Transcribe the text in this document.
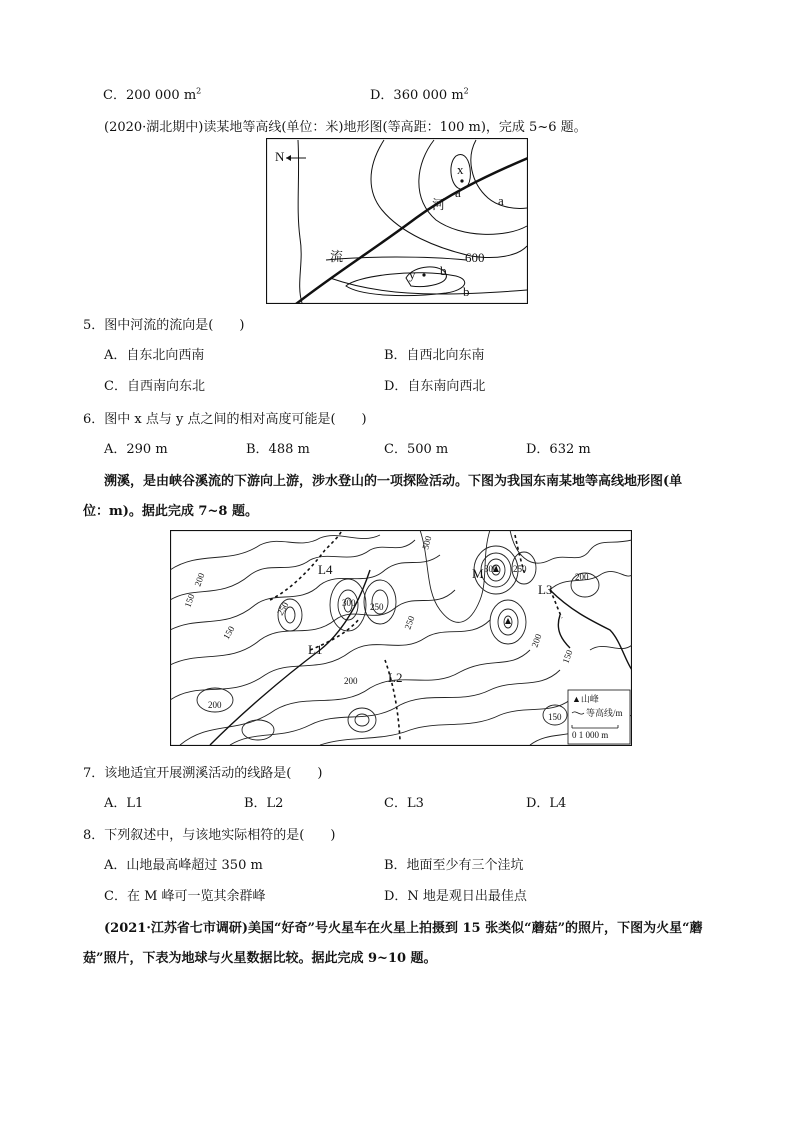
C．200 000 $m^2$	D．360 000 $m^2$
(2020·湖北期中)读某地等高线(单位：米)地形图(等高距：100 m)，完成 5~6 题。
N
x
a
a
河
流	600
y b
b
5．图中河流的流向是(　　)
A．自东北向西南	B．自西北向东南
C．自西南向东北	D．自东南向西北
6．图中 x 点与 y 点之间的相对高度可能是(　　)
A．290 m	B．488 m	C．500 m	D．632 m
溯溪，是由峡谷溪流的下游向上游，涉水登山的一项探险活动。下图为我国东南某地等高线地形图(单
位：m)。据此完成 7~8 题。
L4
L1
L2
L3
M
200
150	250	300 250
150
200
250
300 250
200
150
200
200
150
500
▲山峰
等高线/m
0 1 000 m
7．该地适宜开展溯溪活动的线路是(　　)
A．L1	B．L2	C．L3	D．L4
8．下列叙述中，与该地实际相符的是(　　)
A．山地最高峰超过 350 m	B．地面至少有三个洼坑
C．在 M 峰可一览其余群峰	D．N 地是观日出最佳点
(2021·江苏省七市调研)美国“好奇”号火星车在火星上拍摄到 15 张类似“蘑菇”的照片，下图为火星“蘑
菇”照片，下表为地球与火星数据比较。据此完成 9~10 题。
